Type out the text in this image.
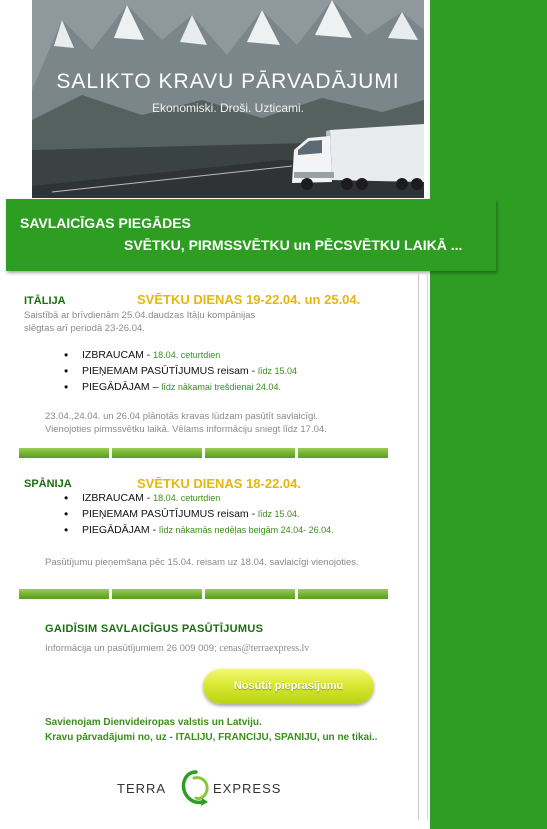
SALIKTO KRAVU PĀRVADĀJUMI
Ekonomiski. Droši. Uzticami.
SAVLAICĪGAS PIEGĀDES
SVĒTKU, PIRMSSVĒTKU un PĒCSVĒTKU LAIKĀ ...
ITĀLIJA	SVĒTKU DIENAS 19-22.04. un 25.04.
Saistībā ar brīvdienām 25.04.daudzas Itāļu kompānijas
slēgtas arī periodā 23-26.04.
• IZBRAUCAM - 18.04. ceturtdien
• PIEŅEMAM PASŪTĪJUMUS reisam - līdz 15.04
• PIEGĀDĀJAM – līdz nākamai trešdienai 24.04.
23.04.,24.04. un 26.04 plānotās kravas lūdzam pasūtīt savlaicīgi.
Vienojoties pirmssvētku laikā. Vēlams informāciju sniegt līdz 17.04.
SPĀNIJA	SVĒTKU DIENAS 18-22.04.
• IZBRAUCAM - 18.04. ceturtdien
• PIEŅEMAM PASŪTĪJUMUS reisam - līdz 15.04.
• PIEGĀDĀJAM - līdz nākamās nedēļas beigām 24.04- 26.04.
Pasūtījumu pieņemšana pēc 15.04. reisam uz 18.04. savlaicīgi vienojoties.
GAIDĪSIM SAVLAICĪGUS PASŪTĪJUMUS
Informācija un pasūtījumiem 26 009 009; cenas@terraexpress.lv
Nosūtīt pieprasījumu
Savienojam Dienvideiropas valstis un Latviju.
Kravu pārvadājumi no, uz - ITALIJU, FRANCIJU, SPANIJU, un ne tikai..
TERRA	EXPRESS
